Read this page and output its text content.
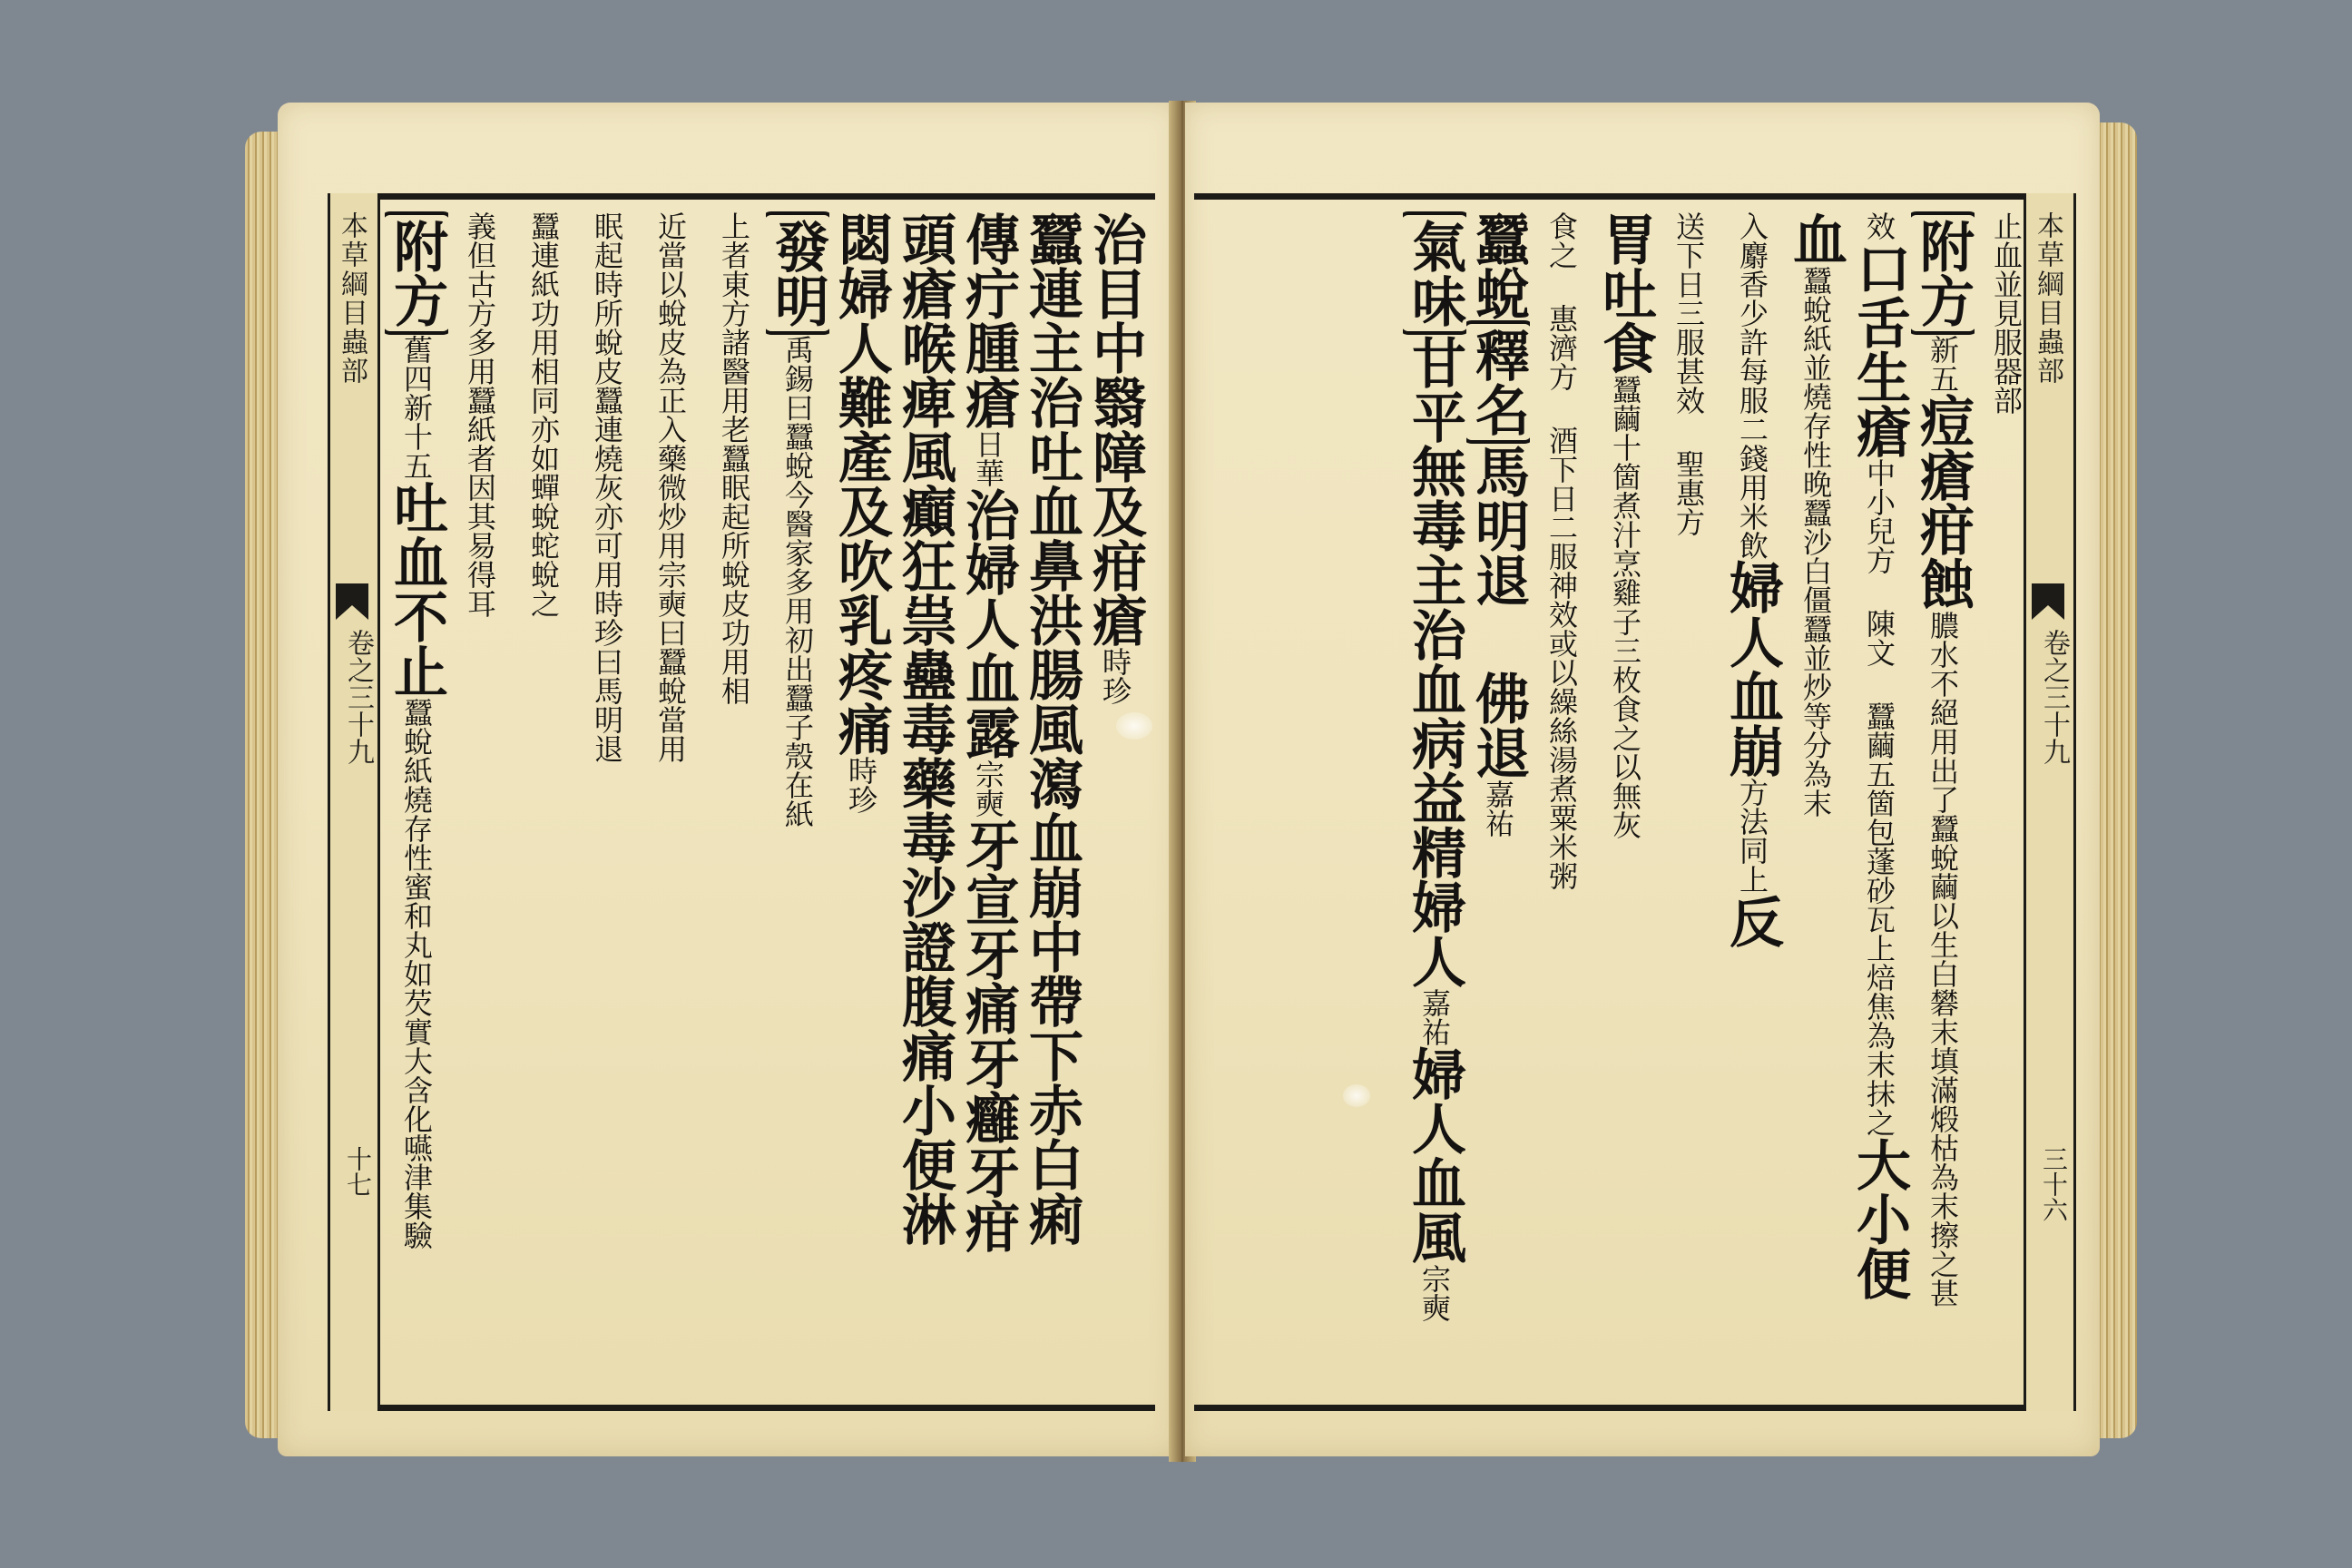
本草綱目蟲部
卷之三十九
十七
治目中翳障及疳瘡時珍
蠶連主治吐血鼻洪腸風瀉血崩中帶下赤白痢
傳疔腫瘡日華治婦人血露宗奭牙宣牙痛牙癰牙疳
頭瘡喉痺風癲狂祟蠱毒藥毒沙證腹痛小便淋
閟婦人難產及吹乳疼痛時珍
發明禹錫曰蠶蛻今醫家多用初出蠶子殼在紙
上者東方諸醫用老蠶眠起所蛻皮功用相
近當以蛻皮為正入藥微炒用宗奭曰蠶蛻當用
眠起時所蛻皮蠶連燒灰亦可用時珍曰馬明退
蠶連紙功用相同亦如蟬蛻蛇蛻之
義但古方多用蠶紙者因其易得耳
附方舊四新十五吐血不止蠶蛻紙燒存性蜜和丸如芡實大含化嚥津集驗
本草綱目蟲部
卷之三十九
三十六
止血並見服器部
附方新五痘瘡疳蝕膿水不絕用出了蠶蛻繭以生白礬末填滿煅枯為末擦之甚
效口舌生瘡中小兒方 陳文 蠶繭五箇包蓬砂瓦上焙焦為末抹之大小便
血蠶蛻紙並燒存性晚蠶沙白僵蠶並炒等分為末
入麝香少許每服二錢用米飲婦人血崩方法同上反
送下日三服甚效 聖惠方
胃吐食蠶繭十箇煮汁烹雞子三枚食之以無灰
食之 惠濟方 酒下日二服神效或以繰絲湯煮粟米粥
蠶蛻釋名馬明退 佛退嘉祐
氣味甘平無毒主治血病益精婦人嘉祐婦人血風宗奭
